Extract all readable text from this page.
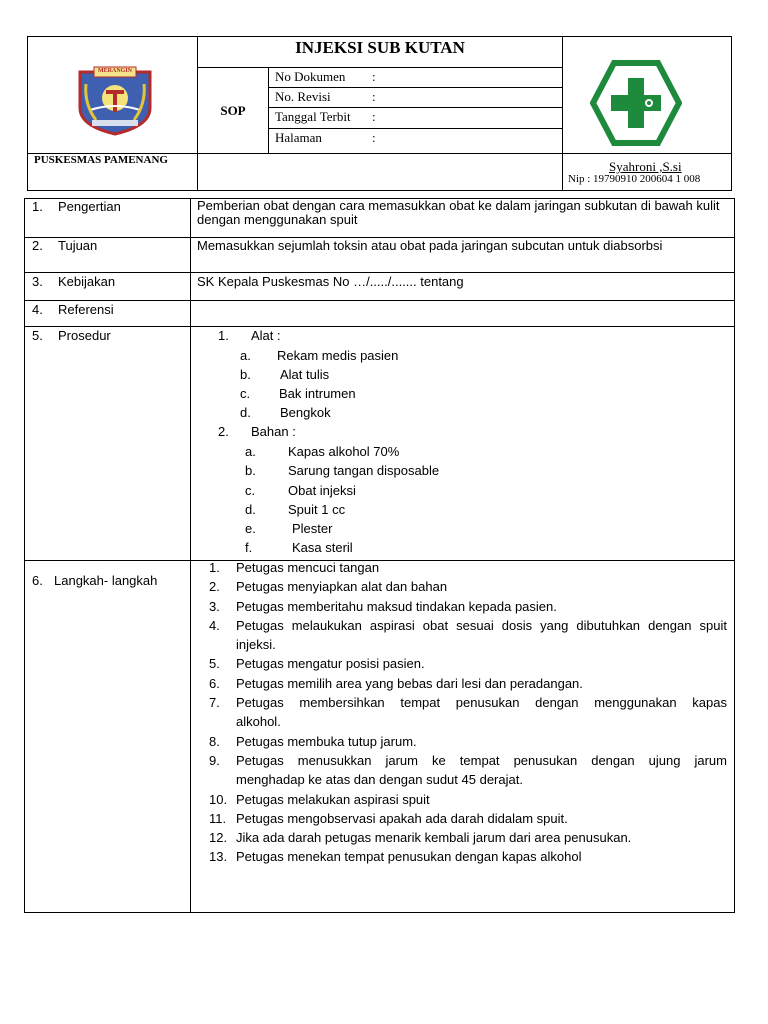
MERANGIN
INJEKSI SUB KUTAN
SOP
No Dokumen :
No. Revisi	:
Tanggal Terbit :
Halaman	:
PUSKESMAS PAMENANG	Syahroni ,S.si
Nip : 19790910 200604 1 008
1. Pengertian	Pemberian obat dengan cara memasukkan obat ke dalam jaringan subkutan di bawah kulit dengan menggunakan spuit
2. Tujuan	Memasukkan sejumlah toksin atau obat pada jaringan subcutan untuk diabsorbsi
3. Kebijakan	SK Kepala Puskesmas No …/...../....... tentang
4. Referensi
5. Prosedur	1. Alat :
a. Rekam medis pasien
b. Alat tulis
c. Bak intrumen
d. Bengkok
2. Bahan :
a. Kapas alkohol 70%
b. Sarung tangan disposable
c.	Obat injeksi
d. Spuit 1 cc
e.	Plester
f.	Kasa steril
6. Langkah- langkah
1. Petugas mencuci tangan
2. Petugas menyiapkan alat dan bahan
3. Petugas memberitahu maksud tindakan kepada pasien.
4. Petugas melaukukan aspirasi obat sesuai dosis yang dibutuhkan dengan spuit
injeksi.
5. Petugas mengatur posisi pasien.
6. Petugas memilih area yang bebas dari lesi dan peradangan.
7. Petugas membersihkan tempat penusukan dengan menggunakan kapas
alkohol.
8. Petugas membuka tutup jarum.
9. Petugas menusukkan jarum ke tempat penusukan dengan ujung jarum
menghadap ke atas dan dengan sudut 45 derajat.
10. Petugas melakukan aspirasi spuit
11. Petugas mengobservasi apakah ada darah didalam spuit.
12. Jika ada darah petugas menarik kembali jarum dari area penusukan.
13. Petugas menekan tempat penusukan dengan kapas alkohol
